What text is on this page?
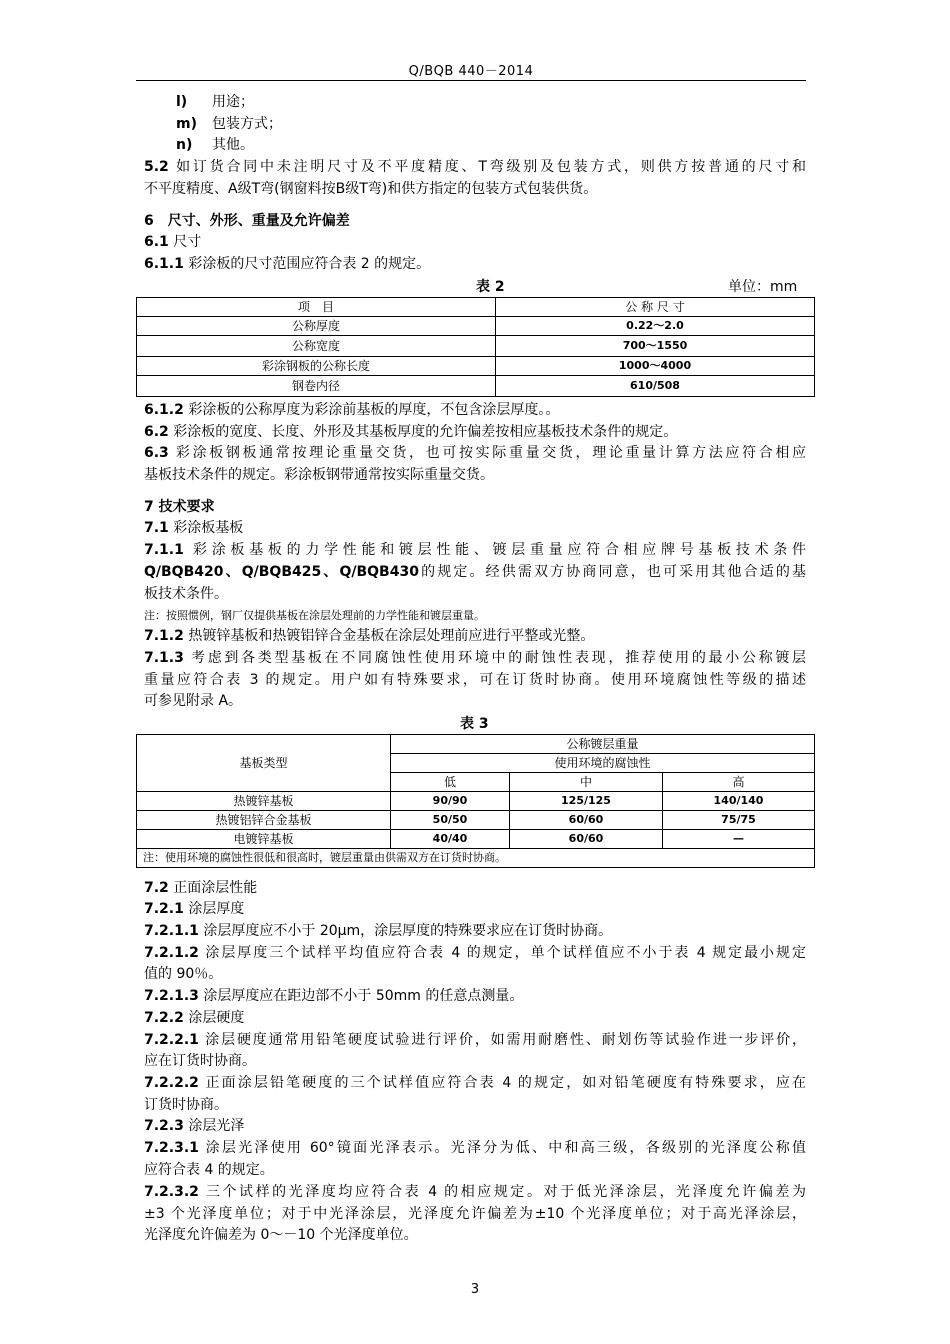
Q/BQB 440－2014
l) 用途；
m) 包装方式；
n) 其他。
5.2 如订货合同中未注明尺寸及不平度精度、T弯级别及包装方式，则供方按普通的尺寸和
不平度精度、A级T弯(钢窗料按B级T弯)和供方指定的包装方式包装供货。
6　尺寸、外形、重量及允许偏差
6.1 尺寸
6.1.1 彩涂板的尺寸范围应符合表 2 的规定。
表 2	单位：mm
项　目	公 称 尺 寸
公称厚度	0.22～2.0
公称宽度	700～1550
彩涂钢板的公称长度	1000～4000
钢卷内径	610/508
6.1.2 彩涂板的公称厚度为彩涂前基板的厚度，不包含涂层厚度。。
6.2 彩涂板的宽度、长度、外形及其基板厚度的允许偏差按相应基板技术条件的规定。
6.3 彩涂板钢板通常按理论重量交货，也可按实际重量交货，理论重量计算方法应符合相应
基板技术条件的规定。彩涂板钢带通常按实际重量交货。
7 技术要求
7.1 彩涂板基板
7.1.1 彩涂板基板的力学性能和镀层性能、镀层重量应符合相应牌号基板技术条件
Q/BQB420、Q/BQB425、Q/BQB430的规定。经供需双方协商同意，也可采用其他合适的基
板技术条件。
注：按照惯例，钢厂仅提供基板在涂层处理前的力学性能和镀层重量。
7.1.2 热镀锌基板和热镀铝锌合金基板在涂层处理前应进行平整或光整。
7.1.3 考虑到各类型基板在不同腐蚀性使用环境中的耐蚀性表现，推荐使用的最小公称镀层
重量应符合表 3 的规定。用户如有特殊要求，可在订货时协商。使用环境腐蚀性等级的描述
可参见附录 A。
表 3
基板类型	公称镀层重量		
	使用环境的腐蚀性		
	低	中	高
热镀锌基板	90/90	125/125	140/140
热镀铝锌合金基板	50/50	60/60	75/75
电镀锌基板	40/40	60/60	—
注：使用环境的腐蚀性很低和很高时，镀层重量由供需双方在订货时协商。			
7.2 正面涂层性能
7.2.1 涂层厚度
7.2.1.1 涂层厚度应不小于 20μm，涂层厚度的特殊要求应在订货时协商。
7.2.1.2 涂层厚度三个试样平均值应符合表 4 的规定，单个试样值应不小于表 4 规定最小规定
值的 90％。
7.2.1.3 涂层厚度应在距边部不小于 50mm 的任意点测量。
7.2.2 涂层硬度
7.2.2.1 涂层硬度通常用铅笔硬度试验进行评价，如需用耐磨性、耐划伤等试验作进一步评价，
应在订货时协商。
7.2.2.2 正面涂层铅笔硬度的三个试样值应符合表 4 的规定，如对铅笔硬度有特殊要求，应在
订货时协商。
7.2.3 涂层光泽
7.2.3.1 涂层光泽使用 60°镜面光泽表示。光泽分为低、中和高三级，各级别的光泽度公称值
应符合表 4 的规定。
7.2.3.2 三个试样的光泽度均应符合表 4 的相应规定。对于低光泽涂层，光泽度允许偏差为
±3 个光泽度单位；对于中光泽涂层，光泽度允许偏差为±10 个光泽度单位；对于高光泽涂层，
光泽度允许偏差为 0～－10 个光泽度单位。
3
